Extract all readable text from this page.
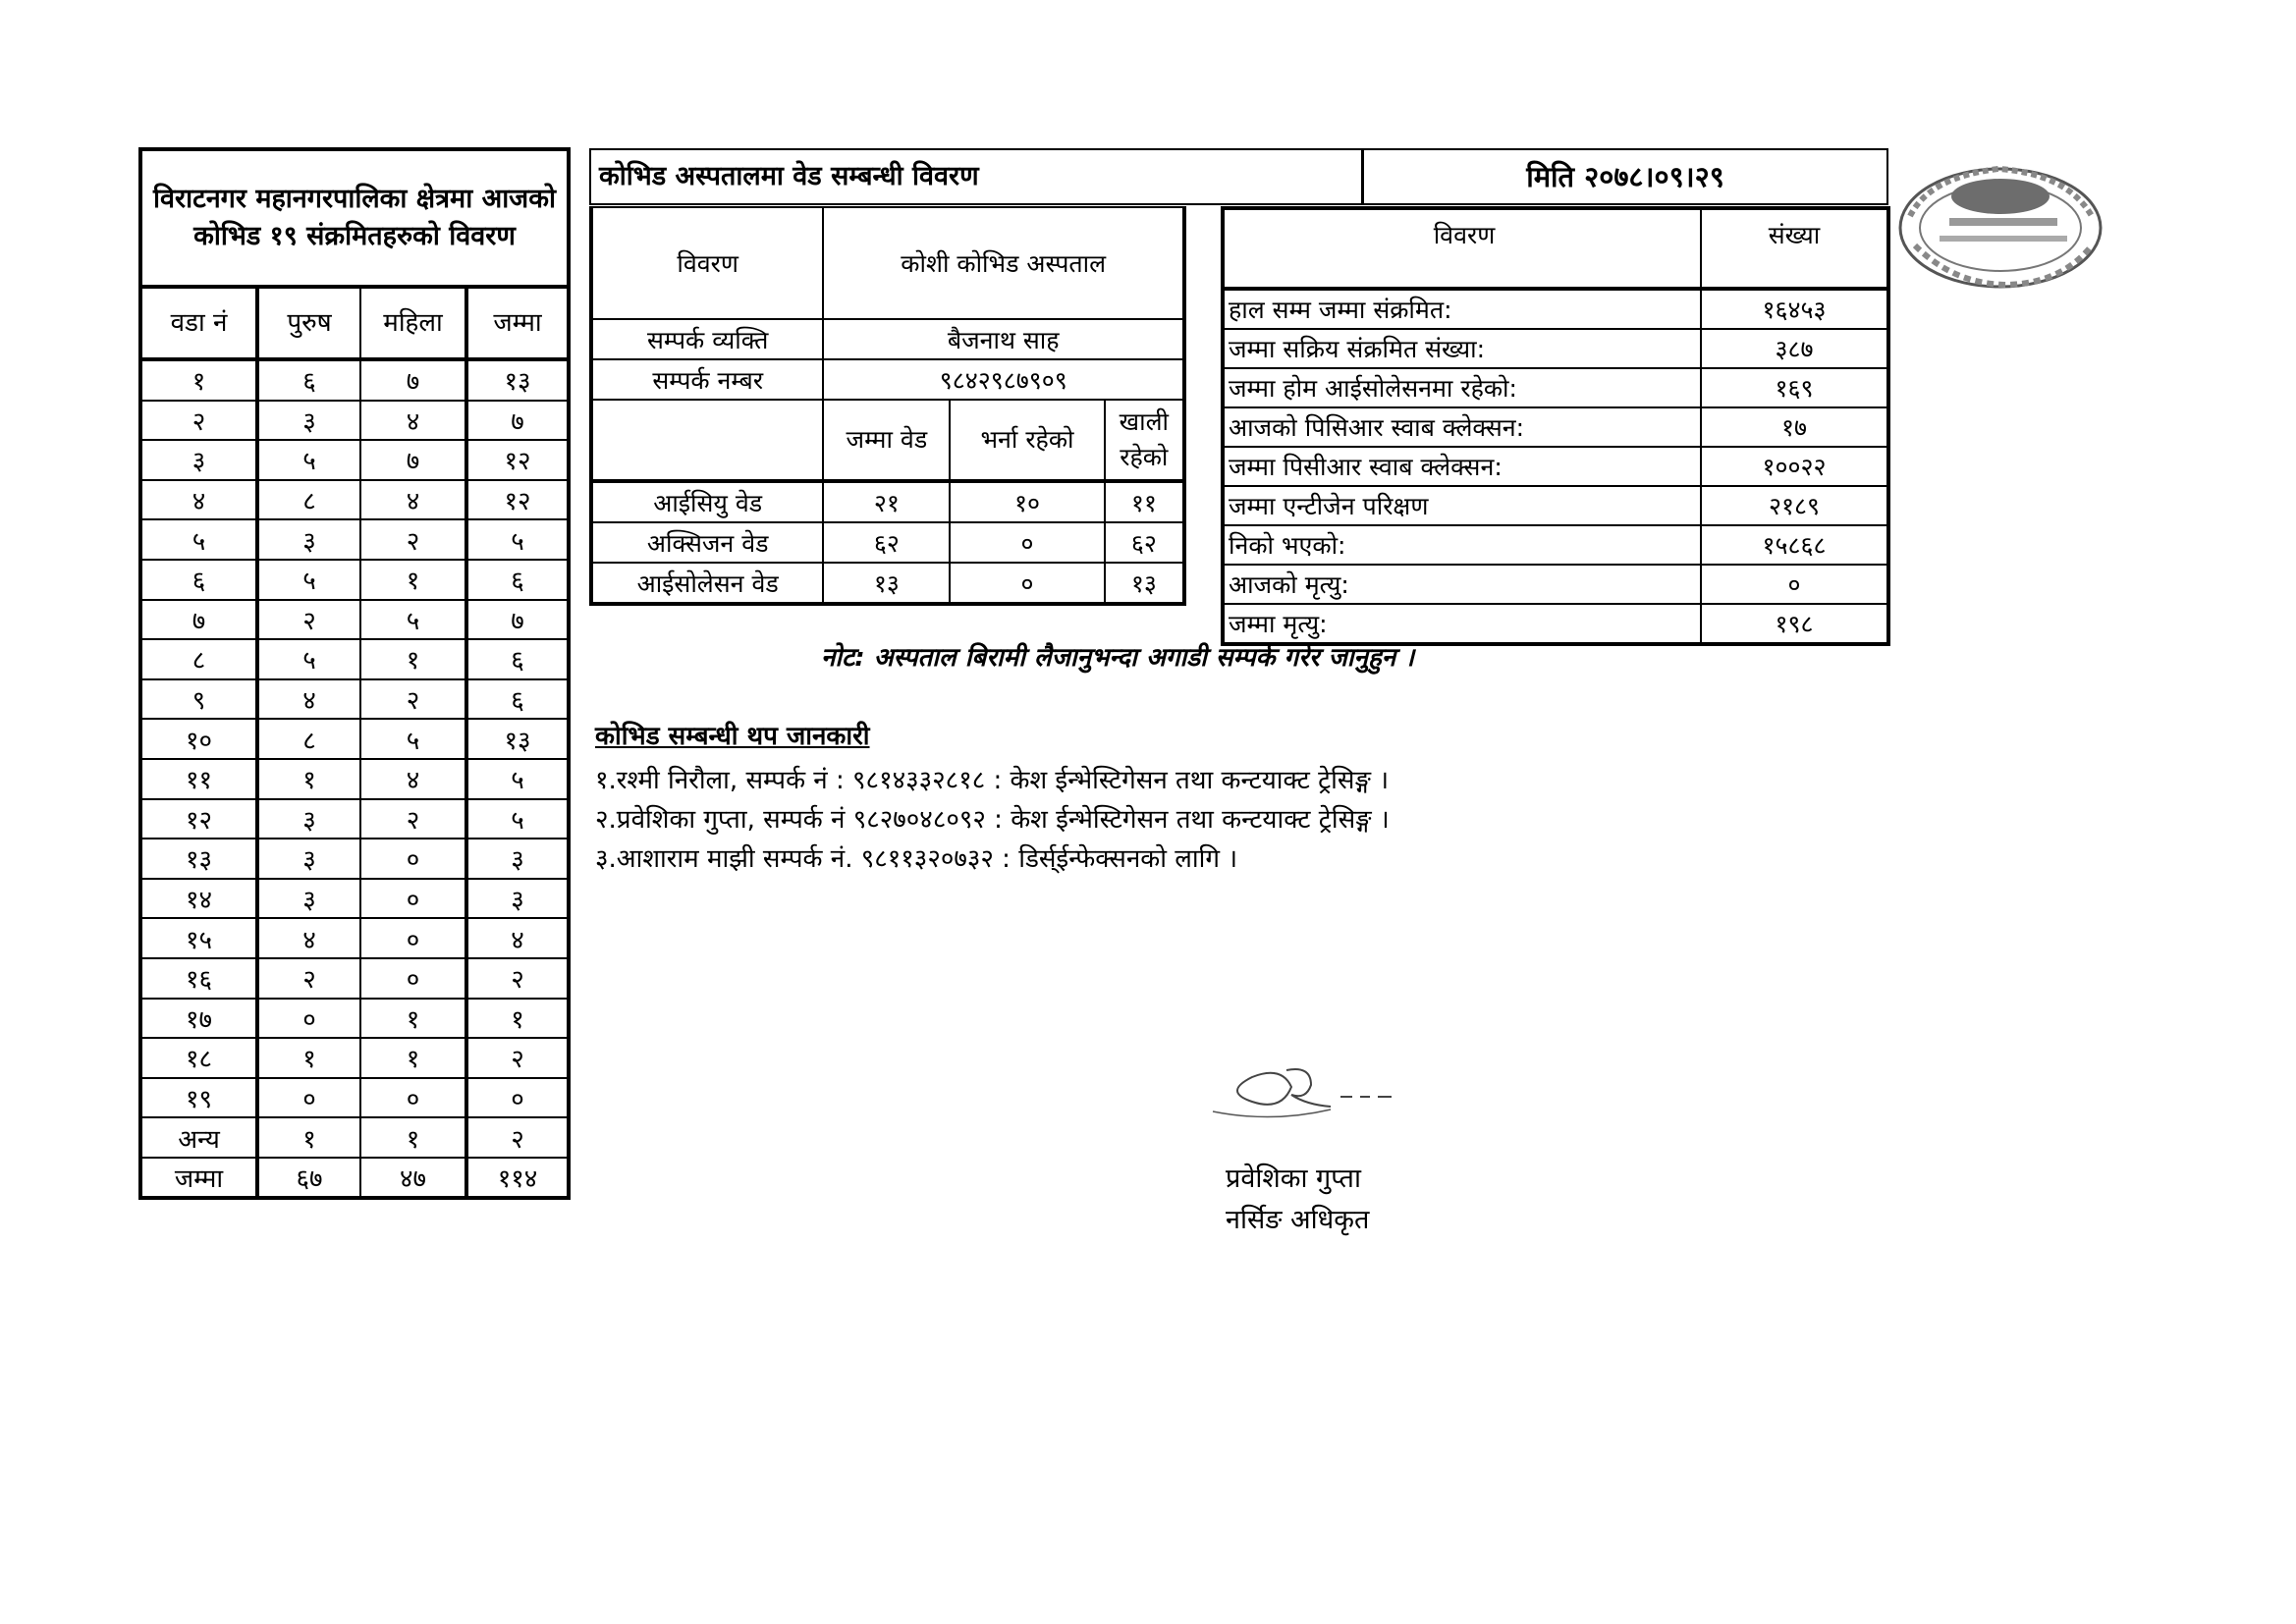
विराटनगर महानगरपालिका क्षेत्रमा आजको कोभिड १९ संक्रमितहरुको विवरण			
वडा नं	पुरुष	महिला	जम्मा
१	६	७	१३
२	३	४	७
३	५	७	१२
४	८	४	१२
५	३	२	५
६	५	१	६
७	२	५	७
८	५	१	६
९	४	२	६
१०	८	५	१३
११	१	४	५
१२	३	२	५
१३	३	०	३
१४	३	०	३
१५	४	०	४
१६	२	०	२
१७	०	१	१
१८	१	१	२
१९	०	०	०
अन्य	१	१	२
जम्मा	६७	४७	११४
कोभिड अस्पतालमा वेड सम्बन्धी विवरण	मिति २०७८।०९।२९
विवरण	कोशी कोभिड अस्पताल		
सम्पर्क व्यक्ति	बैजनाथ साह		
सम्पर्क नम्बर	९८४२९८७९०९		
	जम्मा वेड	भर्ना रहेको	खाली रहेको
आईसियु वेड	२१	१०	११
अक्सिजन वेड	६२	०	६२
आईसोलेसन वेड	१३	०	१३
विवरण	संख्या
हाल सम्म जम्मा संक्रमित:	१६४५३
जम्मा सक्रिय संक्रमित संख्या:	३८७
जम्मा होम आईसोलेसनमा रहेको:	१६९
आजको पिसिआर स्वाब क्लेक्सन:	१७
जम्मा पिसीआर स्वाब क्लेक्सन:	१००२२
जम्मा एन्टीजेन परिक्षण	२१८९
निको भएको:	१५८६८
आजको मृत्यु:	०
जम्मा मृत्यु:	१९८
नोट: अस्पताल बिरामी लैजानुभन्दा अगाडी सम्पर्क गरेर जानुहुन ।
कोभिड सम्बन्धी थप जानकारी
१.रश्मी निरौला, सम्पर्क नं : ९८१४३३२८१८ : केश ईन्भेस्टिगेसन तथा कन्टयाक्ट ट्रेसिङ्ग ।
२.प्रवेशिका गुप्ता, सम्पर्क नं ९८२७०४८०९२ : केश ईन्भेस्टिगेसन तथा कन्टयाक्ट ट्रेसिङ्ग ।
३.आशाराम माझी सम्पर्क नं. ९८११३२०७३२ : डिर्स्ईन्फेक्सनको लागि ।
प्रवेशिका गुप्ता
नर्सिङ अधिकृत
